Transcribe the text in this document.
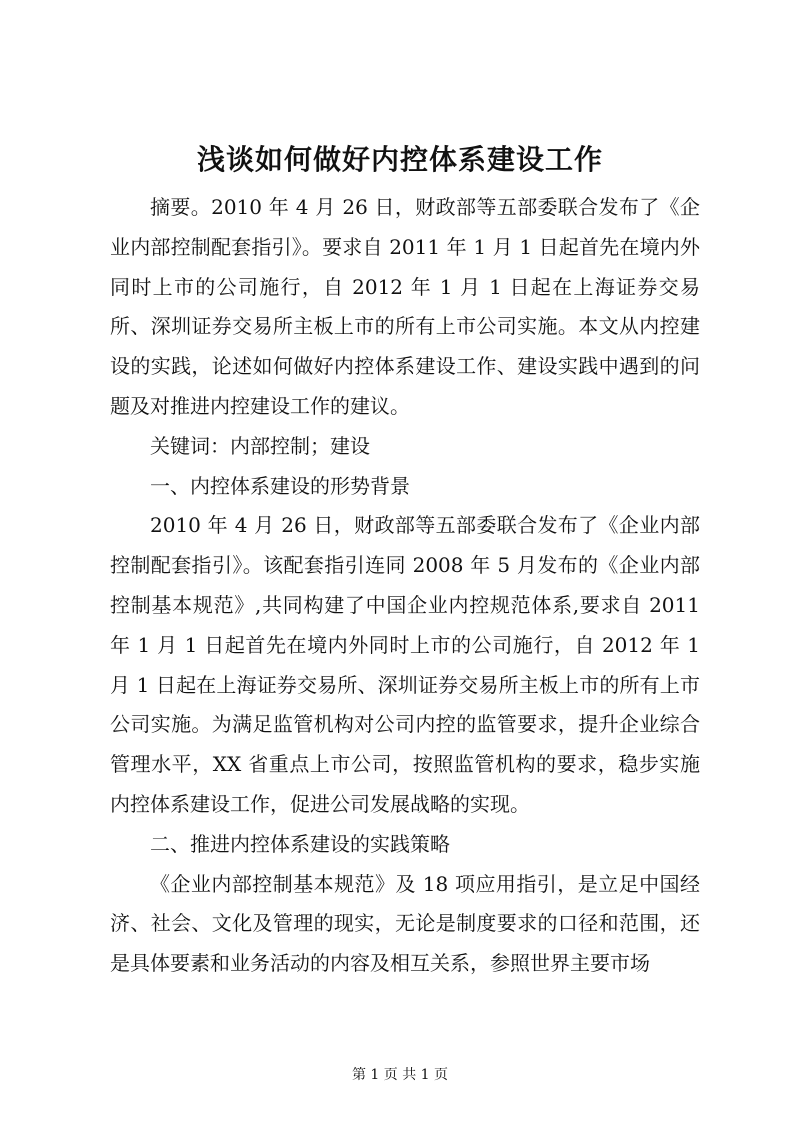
浅谈如何做好内控体系建设工作

摘要。2010 年 4 月 26 日，财政部等五部委联合发布了《企业内部控制配套指引》。要求自 2011 年 1 月 1 日起首先在境内外同时上市的公司施行，自 2012 年 1 月 1 日起在上海证券交易所、深圳证券交易所主板上市的所有上市公司实施。本文从内控建设的实践，论述如何做好内控体系建设工作、建设实践中遇到的问题及对推进内控建设工作的建议。

关键词：内部控制；建设

一、内控体系建设的形势背景

2010 年 4 月 26 日，财政部等五部委联合发布了《企业内部控制配套指引》。该配套指引连同 2008 年 5 月发布的《企业内部控制基本规范》,共同构建了中国企业内控规范体系,要求自 2011 年 1 月 1 日起首先在境内外同时上市的公司施行，自 2012 年 1 月 1 日起在上海证券交易所、深圳证券交易所主板上市的所有上市公司实施。为满足监管机构对公司内控的监管要求，提升企业综合管理水平，XX 省重点上市公司，按照监管机构的要求，稳步实施内控体系建设工作，促进公司发展战略的实现。

二、推进内控体系建设的实践策略

《企业内部控制基本规范》及 18 项应用指引，是立足中国经济、社会、文化及管理的现实，无论是制度要求的口径和范围，还是具体要素和业务活动的内容及相互关系，参照世界主要市场

第 1 页 共 1 页
